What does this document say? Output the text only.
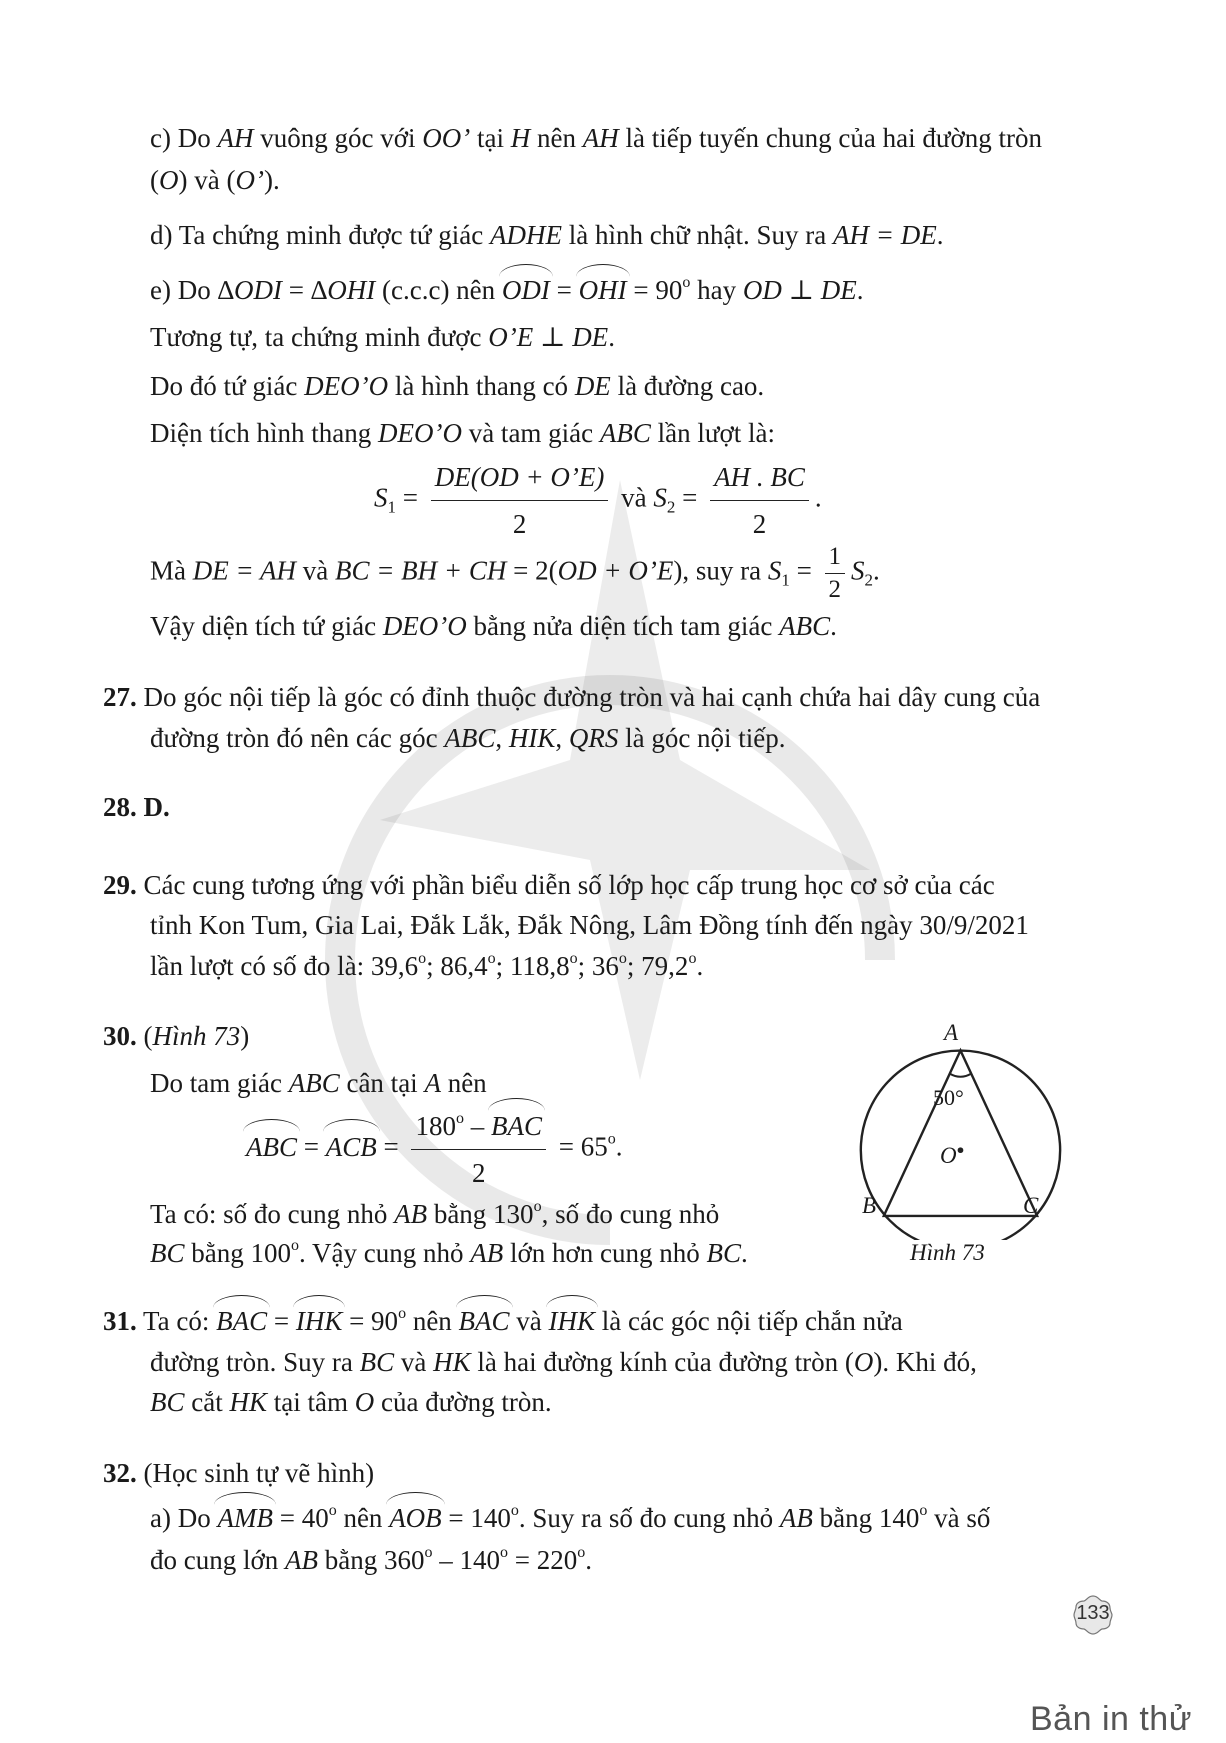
c) Do AH vuông góc với OO’ tại H nên AH là tiếp tuyến chung của hai đường tròn
(O) và (O’).
d) Ta chứng minh được tứ giác ADHE là hình chữ nhật. Suy ra AH = DE.
e) Do ∆ODI = ∆OHI (c.c.c) nên ODI = OHI = $90^o$ hay OD ⊥ DE.
Tương tự, ta chứng minh được O’E ⊥ DE.
Do đó tứ giác DEO’O là hình thang có DE là đường cao.
Diện tích hình thang DEO’O và tam giác ABC lần lượt là:
$S_1 = \frac{DE(OD + O’E)}{2}$ và $S_2 = \frac{AH . BC}{2}$ .
Mà DE = AH và BC = BH + CH = 2(OD + O’E), suy ra $S_1 = \frac{1}{2} S_2$.
Vậy diện tích tứ giác DEO’O bằng nửa diện tích tam giác ABC.
27. Do góc nội tiếp là góc có đỉnh thuộc đường tròn và hai cạnh chứa hai dây cung của
đường tròn đó nên các góc ABC, HIK, QRS là góc nội tiếp.
28. D.
29. Các cung tương ứng với phần biểu diễn số lớp học cấp trung học cơ sở của các
tỉnh Kon Tum, Gia Lai, Đắk Lắk, Đắk Nông, Lâm Đồng tính đến ngày 30/9/2021
lần lượt có số đo là: 39,6$^o$; 86,4$^o$; 118,8$^o$; 36$^o$; 79,2$^o$.
30. (Hình 73)
Do tam giác ABC cân tại A nên
ABC = ACB = $\frac{180^o - BAC}{2} = 65^o$.
Ta có: số đo cung nhỏ AB bằng 130$^o$, số đo cung nhỏ
BC bằng 100$^o$. Vậy cung nhỏ AB lớn hơn cung nhỏ BC.
A
50°
O
B	C
Hình 73
31. Ta có: BAC = IHK = $90^o$ nên BAC và IHK là các góc nội tiếp chắn nửa
đường tròn. Suy ra BC và HK là hai đường kính của đường tròn (O). Khi đó,
BC cắt HK tại tâm O của đường tròn.
32. (Học sinh tự vẽ hình)
a) Do AMB = $40^o$ nên AOB = $140^o$. Suy ra số đo cung nhỏ AB bằng 140$^o$ và số
đo cung lớn AB bằng $360^o - 140^o = 220^o$.
133
Bản in thử
